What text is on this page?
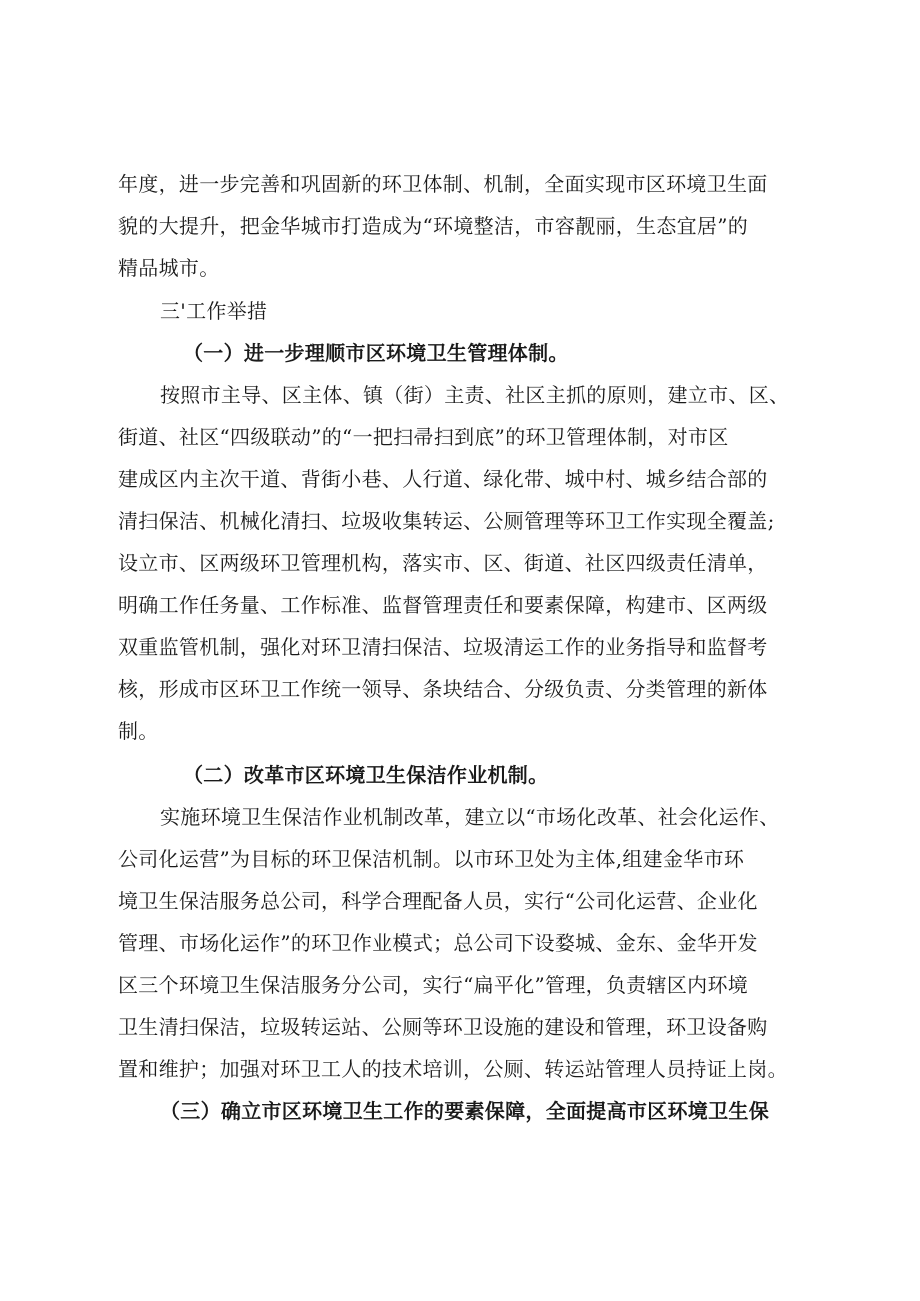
年度，进一步完善和巩固新的环卫体制、机制，全面实现市区环境卫生面
貌的大提升，把金华城市打造成为“环境整洁，市容靓丽，生态宜居”的
精品城市。
三'工作举措
（一）进一步理顺市区环境卫生管理体制。
按照市主导、区主体、镇（街）主责、社区主抓的原则，建立市、区、
街道、社区“四级联动”的“一把扫帚扫到底”的环卫管理体制，对市区
建成区内主次干道、背街小巷、人行道、绿化带、城中村、城乡结合部的
清扫保洁、机械化清扫、垃圾收集转运、公厕管理等环卫工作实现全覆盖;
设立市、区两级环卫管理机构，落实市、区、街道、社区四级责任清单，
明确工作任务量、工作标准、监督管理责任和要素保障，构建市、区两级
双重监管机制，强化对环卫清扫保洁、垃圾清运工作的业务指导和监督考
核，形成市区环卫工作统一领导、条块结合、分级负责、分类管理的新体
制。
（二）改革市区环境卫生保洁作业机制。
实施环境卫生保洁作业机制改革，建立以“市场化改革、社会化运作、
公司化运营”为目标的环卫保洁机制。以市环卫处为主体,组建金华市环
境卫生保洁服务总公司，科学合理配备人员，实行“公司化运营、企业化
管理、市场化运作”的环卫作业模式；总公司下设婺城、金东、金华开发
区三个环境卫生保洁服务分公司，实行“扁平化”管理，负责辖区内环境
卫生清扫保洁，垃圾转运站、公厕等环卫设施的建设和管理，环卫设备购
置和维护；加强对环卫工人的技术培训，公厕、转运站管理人员持证上岗。
（三）确立市区环境卫生工作的要素保障，全面提高市区环境卫生保
